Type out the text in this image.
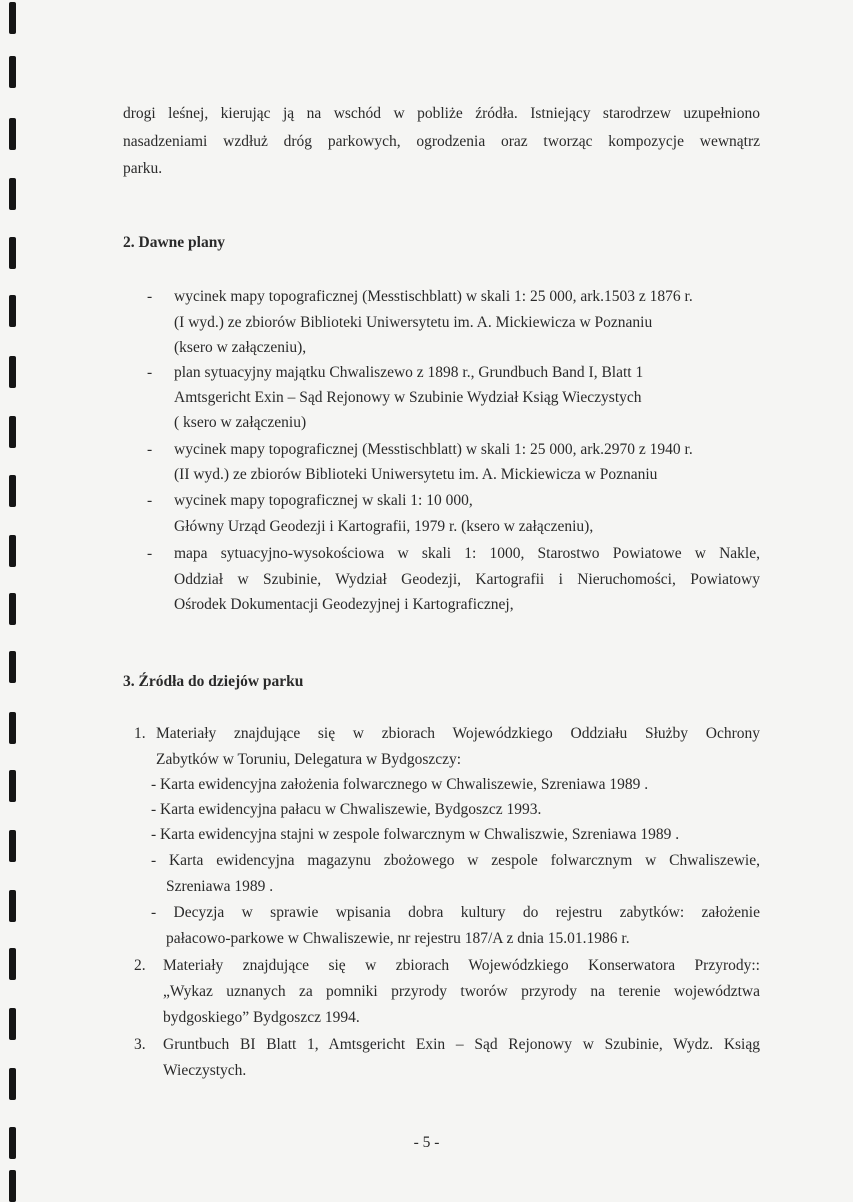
drogi leśnej, kierując ją na wschód w pobliże źródła. Istniejący starodrzew uzupełniono
nasadzeniami wzdłuż dróg parkowych, ogrodzenia oraz tworząc kompozycje wewnątrz
parku.
2. Dawne plany
- wycinek mapy topograficznej (Messtischblatt) w skali 1: 25 000, ark.1503 z 1876 r.
(I wyd.) ze zbiorów Biblioteki Uniwersytetu im. A. Mickiewicza w Poznaniu
(ksero w załączeniu),
- plan sytuacyjny majątku Chwaliszewo z 1898 r., Grundbuch Band I, Blatt 1
Amtsgericht Exin – Sąd Rejonowy w Szubinie Wydział Ksiąg Wieczystych
( ksero w załączeniu)
- wycinek mapy topograficznej (Messtischblatt) w skali 1: 25 000, ark.2970 z 1940 r.
(II wyd.) ze zbiorów Biblioteki Uniwersytetu im. A. Mickiewicza w Poznaniu
- wycinek mapy topograficznej w skali 1: 10 000,
Główny Urząd Geodezji i Kartografii, 1979 r. (ksero w załączeniu),
- mapa sytuacyjno-wysokościowa w skali 1: 1000, Starostwo Powiatowe w Nakle,
Oddział w Szubinie, Wydział Geodezji, Kartografii i Nieruchomości, Powiatowy
Ośrodek Dokumentacji Geodezyjnej i Kartograficznej,
3. Źródła do dziejów parku
1. Materiały znajdujące się w zbiorach Wojewódzkiego Oddziału Służby Ochrony
Zabytków w Toruniu, Delegatura w Bydgoszczy:
- Karta ewidencyjna założenia folwarcznego w Chwaliszewie, Szreniawa 1989 .
- Karta ewidencyjna pałacu w Chwaliszewie, Bydgoszcz 1993.
- Karta ewidencyjna stajni w zespole folwarcznym w Chwaliszwie, Szreniawa 1989 .
- Karta ewidencyjna magazynu zbożowego w zespole folwarcznym w Chwaliszewie,
Szreniawa 1989 .
- Decyzja w sprawie wpisania dobra kultury do rejestru zabytków: założenie
pałacowo-parkowe w Chwaliszewie, nr rejestru 187/A z dnia 15.01.1986 r.
2. Materiały znajdujące się w zbiorach Wojewódzkiego Konserwatora Przyrody::
„Wykaz uznanych za pomniki przyrody tworów przyrody na terenie województwa
bydgoskiego” Bydgoszcz 1994.
3. Gruntbuch BI Blatt 1, Amtsgericht Exin – Sąd Rejonowy w Szubinie, Wydz. Ksiąg
Wieczystych.
- 5 -
